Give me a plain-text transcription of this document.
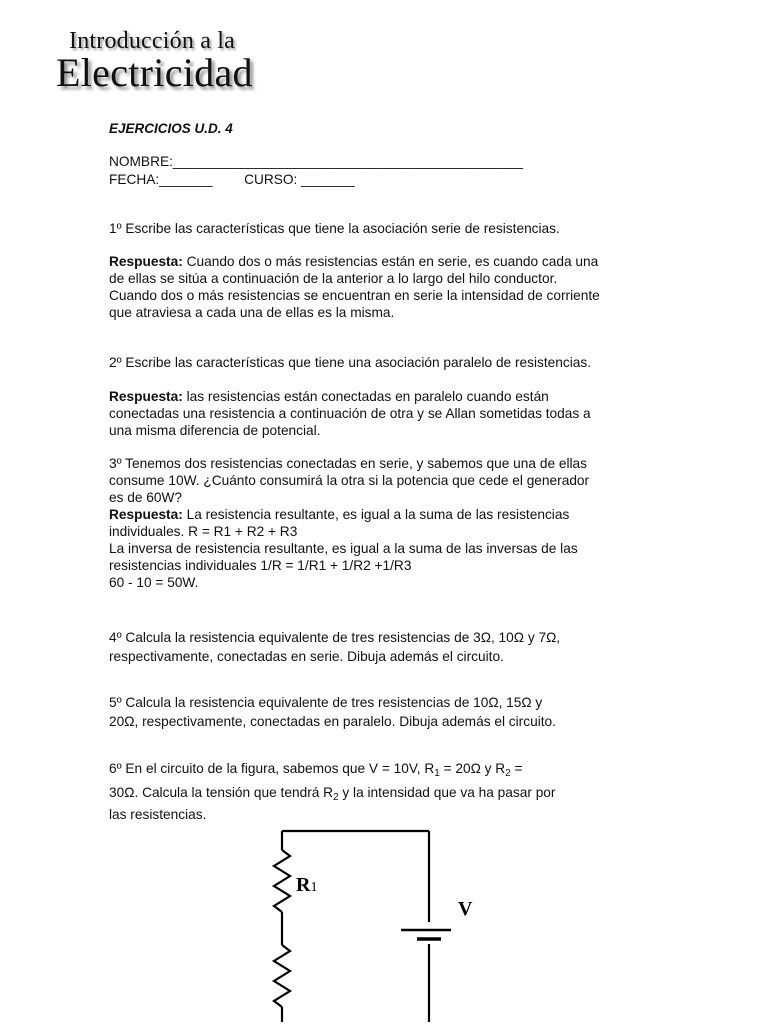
Introducción a la
Electricidad

EJERCICIOS U.D. 4

NOMBRE:______________________________________________

FECHA:_______ CURSO: _______

1º Escribe las características que tiene la asociación serie de resistencias.

Respuesta: Cuando dos o más resistencias están en serie, es cuando cada una
de ellas se sitúa a continuación de la anterior a lo largo del hilo conductor.
Cuando dos o más resistencias se encuentran en serie la intensidad de corriente
que atraviesa a cada una de ellas es la misma.

2º Escribe las características que tiene una asociación paralelo de resistencias.

Respuesta: las resistencias están conectadas en paralelo cuando están
conectadas una resistencia a continuación de otra y se Allan sometidas todas a
una misma diferencia de potencial.
3º Tenemos dos resistencias conectadas en serie, y sabemos que una de ellas
consume 10W. ¿Cuánto consumirá la otra si la potencia que cede el generador
es de 60W?
Respuesta: La resistencia resultante, es igual a la suma de las resistencias
individuales. R = R1 + R2 + R3
La inversa de resistencia resultante, es igual a la suma de las inversas de las
resistencias individuales 1/R = 1/R1 + 1/R2 +1/R3
60 - 10 = 50W.
4º Calcula la resistencia equivalente de tres resistencias de 3Ω, 10Ω y 7Ω,
respectivamente, conectadas en serie. Dibuja además el circuito.
5º Calcula la resistencia equivalente de tres resistencias de 10Ω, 15Ω y
20Ω, respectivamente, conectadas en paralelo. Dibuja además el circuito.
6º En el circuito de la figura, sabemos que V = 10V, $R_1 = 20\Omega$ y $R_2$ =
30Ω. Calcula la tensión que tendrá $R_2$ y la intensidad que va ha pasar por
las resistencias.
R1
V
